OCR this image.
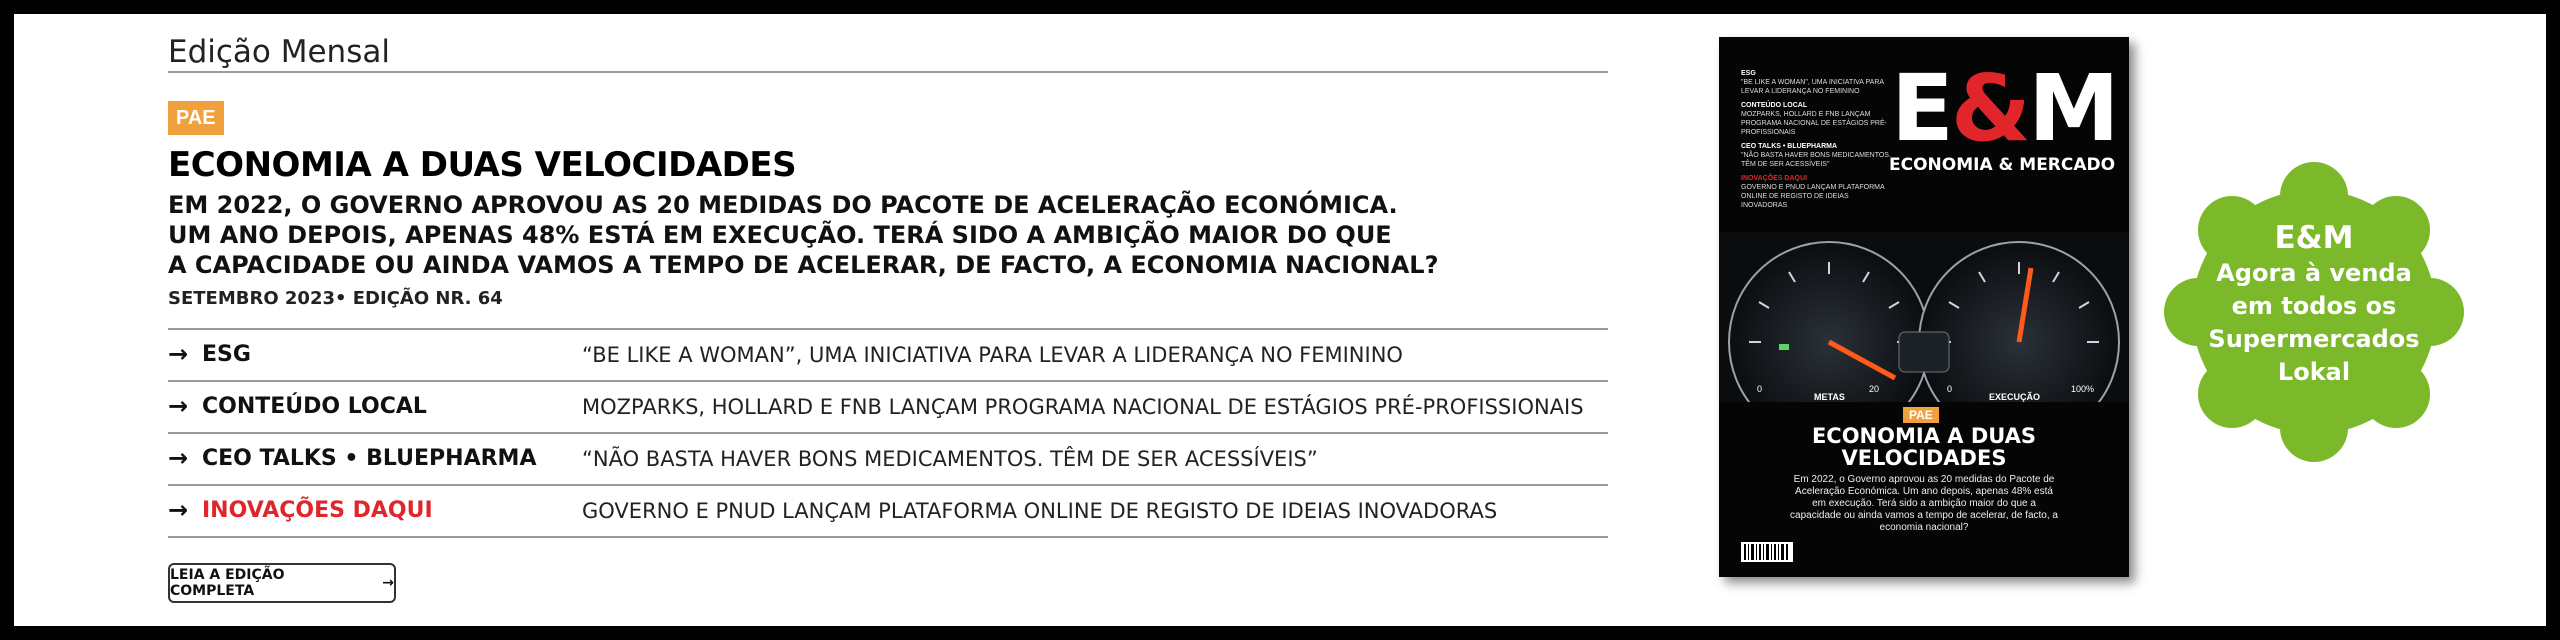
Edição Mensal
PAE
ECONOMIA A DUAS VELOCIDADES
EM 2022, O GOVERNO APROVOU AS 20 MEDIDAS DO PACOTE DE ACELERAÇÃO ECONÓMICA.
UM ANO DEPOIS, APENAS 48% ESTÁ EM EXECUÇÃO. TERÁ SIDO A AMBIÇÃO MAIOR DO QUE
A CAPACIDADE OU AINDA VAMOS A TEMPO DE ACELERAR, DE FACTO, A ECONOMIA NACIONAL?
SETEMBRO 2023• EDIÇÃO NR. 64
→ ESG	“BE LIKE A WOMAN”, UMA INICIATIVA PARA LEVAR A LIDERANÇA NO FEMININO
→ CONTEÚDO LOCAL	MOZPARKS, HOLLARD E FNB LANÇAM PROGRAMA NACIONAL DE ESTÁGIOS PRÉ-PROFISSIONAIS
→ CEO TALKS • BLUEPHARMA “NÃO BASTA HAVER BONS MEDICAMENTOS. TÊM DE SER ACESSÍVEIS”
→ INOVAÇÕES DAQUI	GOVERNO E PNUD LANÇAM PLATAFORMA ONLINE DE REGISTO DE IDEIAS INOVADORAS
LEIA A EDIÇÃO COMPLETA	→
ESG
"BE LIKE A WOMAN", UMA INICIATIVA PARA LEVAR A LIDERANÇA NO FEMININO
CONTEÚDO LOCAL
MOZPARKS, HOLLARD E FNB LANÇAM PROGRAMA NACIONAL DE ESTÁGIOS PRÉ-PROFISSIONAIS
CEO TALKS • BLUEPHARMA
"NÃO BASTA HAVER BONS MEDICAMENTOS. TÊM DE SER ACESSÍVEIS"
INOVAÇÕES DAQUI
GOVERNO E PNUD LANÇAM PLATAFORMA ONLINE DE REGISTO DE IDEIAS INOVADORAS
E&M
ECONOMIA & MERCADO
0	20
METAS
0	100%
EXECUÇÃO
PAE
ECONOMIA A DUAS
VELOCIDADES
Em 2022, o Governo aprovou as 20 medidas do Pacote de Aceleração Económica. Um ano depois, apenas 48% está em execução. Terá sido a ambição maior do que a capacidade ou ainda vamos a tempo de acelerar, de facto, a economia nacional?
E&M
Agora à venda
em todos os
Supermercados
Lokal
